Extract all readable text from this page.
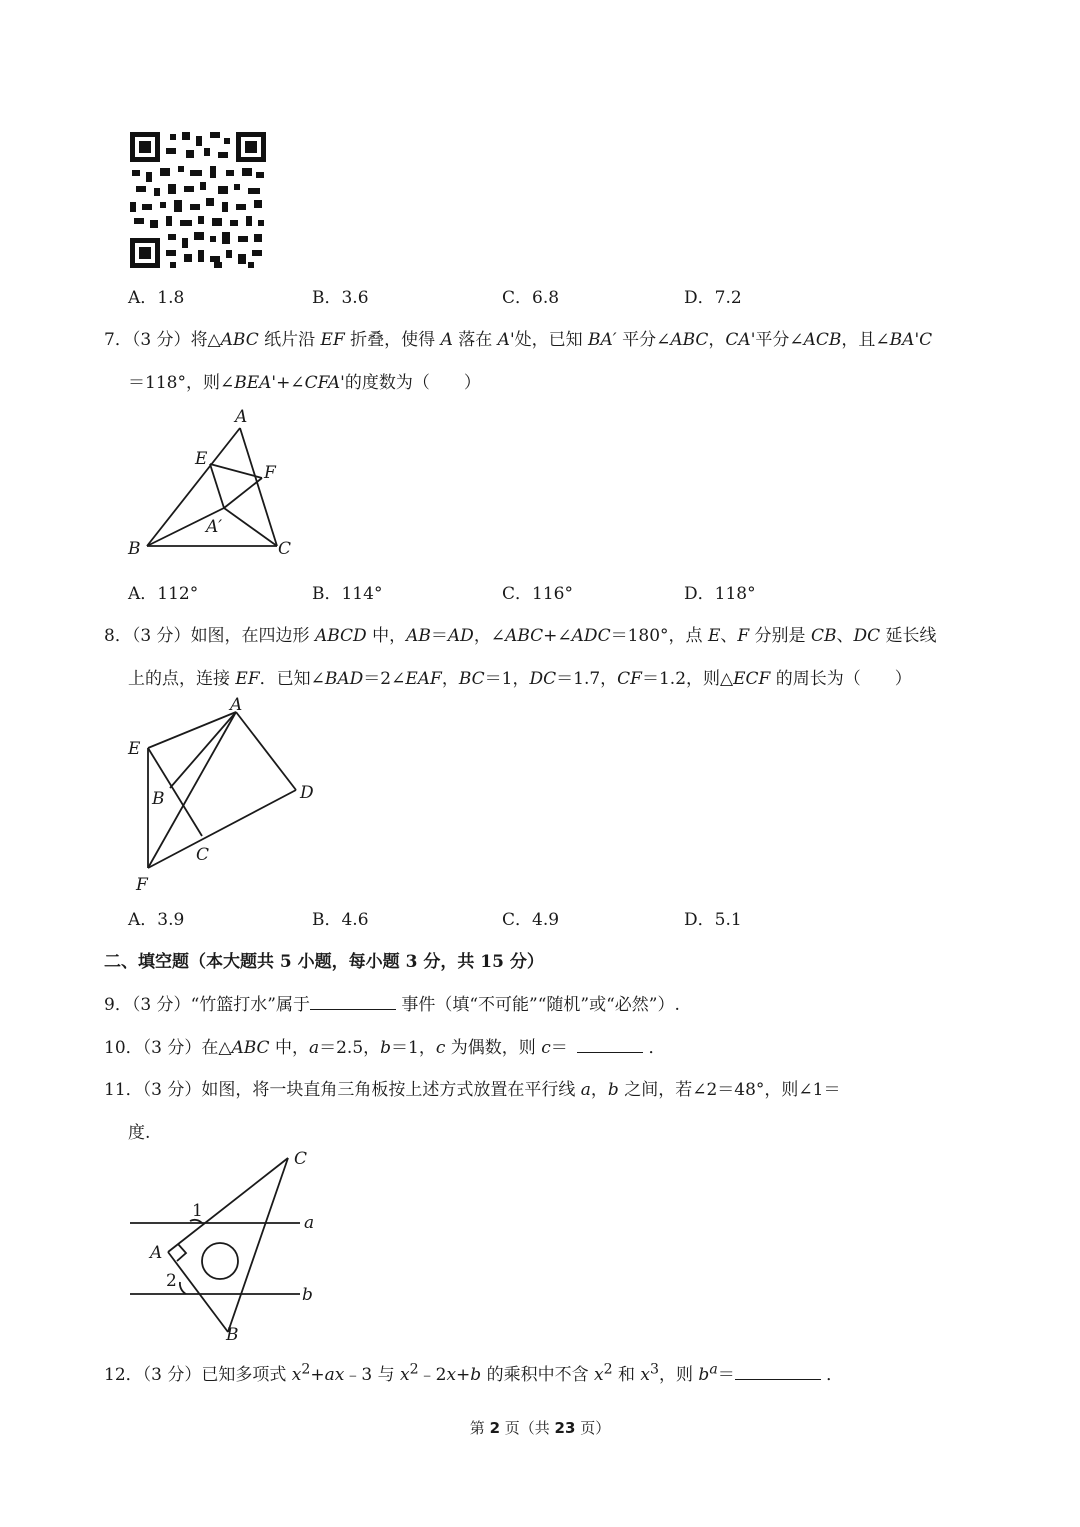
A．1.8	B．3.6	C．6.8	D．7.2
7．（3 分）将△ABC 纸片沿 EF 折叠，使得 A 落在 A'处，已知 BA′ 平分∠ABC，CA'平分∠ACB，且∠BA'C
＝118°，则∠BEA'+∠CFA'的度数为（　　）
A
E
F
A′
B	C
A．112°	B．114°	C．116°	D．118°
8．（3 分）如图，在四边形 ABCD 中，AB＝AD，∠ABC+∠ADC＝180°，点 E、F 分别是 CB、DC 延长线
上的点，连接 EF．已知∠BAD＝2∠EAF，BC＝1，DC＝1.7，CF＝1.2，则△ECF 的周长为（　　）
A
E
B	D
C
F
A．3.9	B．4.6	C．4.9	D．5.1
二、填空题（本大题共 5 小题，每小题 3 分，共 15 分）
9．（3 分）“竹篮打水”属于	事件（填“不可能”“随机”或“必然”）.
10．（3 分）在△ABC 中，a＝2.5，b＝1，c 为偶数，则 c＝	．
11．（3 分）如图，将一块直角三角板按上述方式放置在平行线 a，b 之间，若∠2＝48°，则∠1＝
度.
C
1
a
A
2
b
B
12．（3 分）已知多项式 $x^2+ax﹣3$ 与 $x^2﹣2x+b$ 的乘积中不含 $x^2$ 和 $x^3$，则 $b^a=$	．
第 2 页（共 23 页）
